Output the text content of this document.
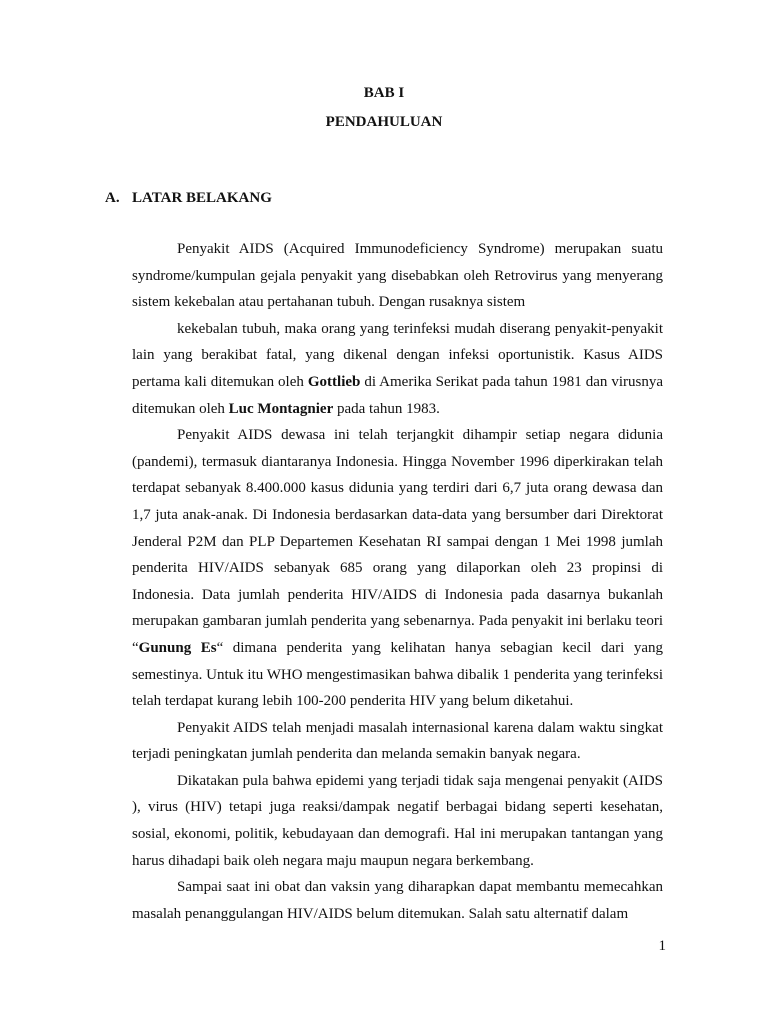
BAB I
PENDAHULUAN
A. LATAR BELAKANG

Penyakit AIDS (Acquired Immunodeficiency Syndrome) merupakan suatu syndrome/kumpulan gejala penyakit yang disebabkan oleh Retrovirus yang menyerang sistem kekebalan atau pertahanan tubuh. Dengan rusaknya sistem

kekebalan tubuh, maka orang yang terinfeksi mudah diserang penyakit-penyakit lain yang berakibat fatal, yang dikenal dengan infeksi oportunistik. Kasus AIDS pertama kali ditemukan oleh Gottlieb di Amerika Serikat pada tahun 1981 dan virusnya ditemukan oleh Luc Montagnier pada tahun 1983.

Penyakit AIDS dewasa ini telah terjangkit dihampir setiap negara didunia (pandemi), termasuk diantaranya Indonesia. Hingga November 1996 diperkirakan telah terdapat sebanyak 8.400.000 kasus didunia yang terdiri dari 6,7 juta orang dewasa dan 1,7 juta anak-anak. Di Indonesia berdasarkan data-data yang bersumber dari Direktorat Jenderal P2M dan PLP Departemen Kesehatan RI sampai dengan 1 Mei 1998 jumlah penderita HIV/AIDS sebanyak 685 orang yang dilaporkan oleh 23 propinsi di Indonesia. Data jumlah penderita HIV/AIDS di Indonesia pada dasarnya bukanlah merupakan gambaran jumlah penderita yang sebenarnya. Pada penyakit ini berlaku teori “Gunung Es“ dimana penderita yang kelihatan hanya sebagian kecil dari yang semestinya. Untuk itu WHO mengestimasikan bahwa dibalik 1 penderita yang terinfeksi telah terdapat kurang lebih 100-200 penderita HIV yang belum diketahui.

Penyakit AIDS telah menjadi masalah internasional karena dalam waktu singkat terjadi peningkatan jumlah penderita dan melanda semakin banyak negara.

Dikatakan pula bahwa epidemi yang terjadi tidak saja mengenai penyakit (AIDS ), virus (HIV) tetapi juga reaksi/dampak negatif berbagai bidang seperti kesehatan, sosial, ekonomi, politik, kebudayaan dan demografi. Hal ini merupakan tantangan yang harus dihadapi baik oleh negara maju maupun negara berkembang.

Sampai saat ini obat dan vaksin yang diharapkan dapat membantu memecahkan masalah penanggulangan HIV/AIDS belum ditemukan. Salah satu alternatif dalam

1
